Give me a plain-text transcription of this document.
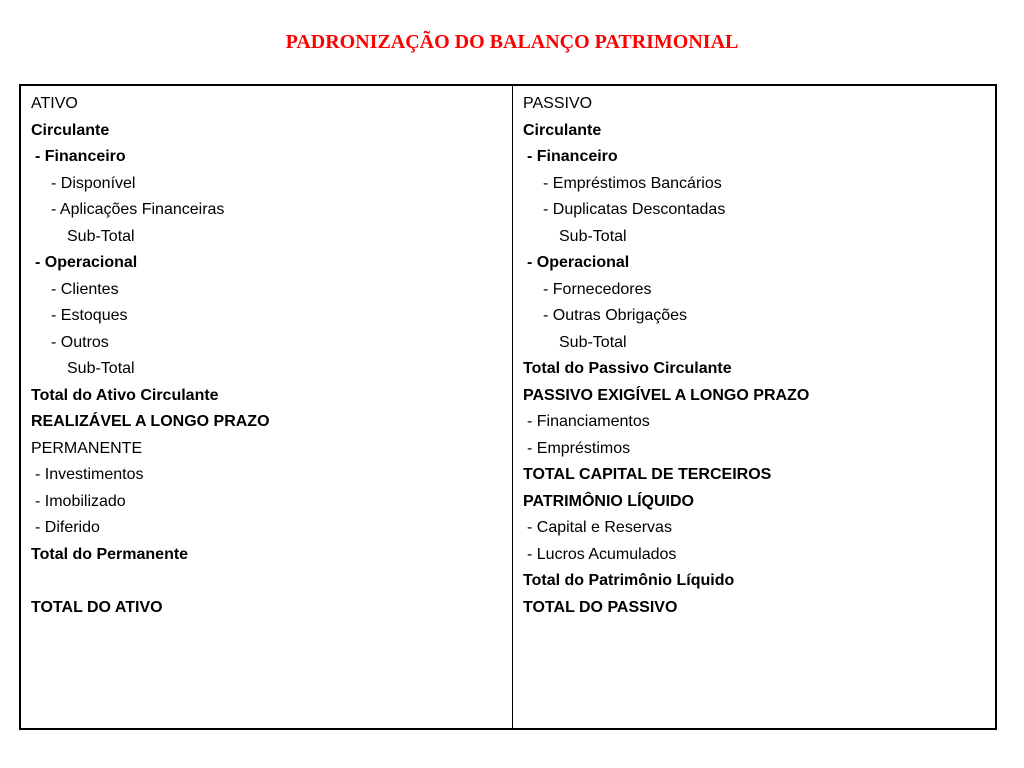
PADRONIZAÇÃO DO BALANÇO PATRIMONIAL
ATIVO
Circulante
- Financeiro
- Disponível
- Aplicações Financeiras
Sub-Total
- Operacional
- Clientes
- Estoques
- Outros
Sub-Total
Total do Ativo Circulante
REALIZÁVEL A LONGO PRAZO
PERMANENTE
- Investimentos
- Imobilizado
- Diferido
Total do Permanente
TOTAL DO ATIVO
PASSIVO
Circulante
- Financeiro
- Empréstimos Bancários
- Duplicatas Descontadas
Sub-Total
- Operacional
- Fornecedores
- Outras Obrigações
Sub-Total
Total do Passivo Circulante
PASSIVO EXIGÍVEL A LONGO PRAZO
- Financiamentos
- Empréstimos
TOTAL CAPITAL DE TERCEIROS
PATRIMÔNIO LÍQUIDO
- Capital e Reservas
- Lucros Acumulados
Total do Patrimônio Líquido
TOTAL DO PASSIVO
